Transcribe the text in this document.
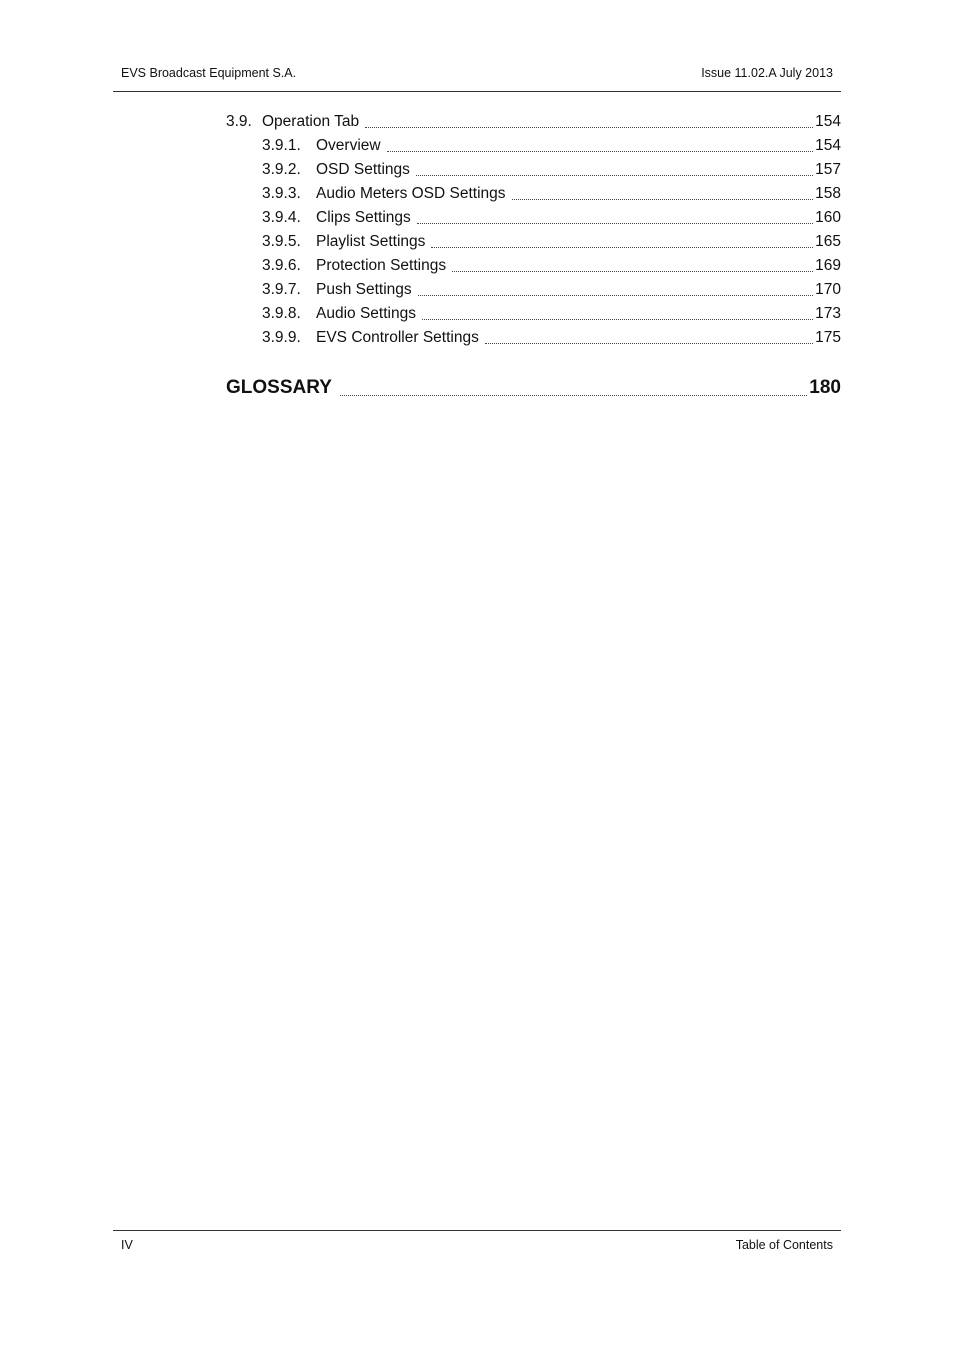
EVS Broadcast Equipment S.A.	Issue 11.02.A July 2013
3.9. Operation Tab	154
3.9.1. Overview	154
3.9.2. OSD Settings	157
3.9.3. Audio Meters OSD Settings	158
3.9.4. Clips Settings	160
3.9.5. Playlist Settings	165
3.9.6. Protection Settings	169
3.9.7. Push Settings	170
3.9.8. Audio Settings	173
3.9.9. EVS Controller Settings	175
GLOSSARY	180
IV	Table of Contents
